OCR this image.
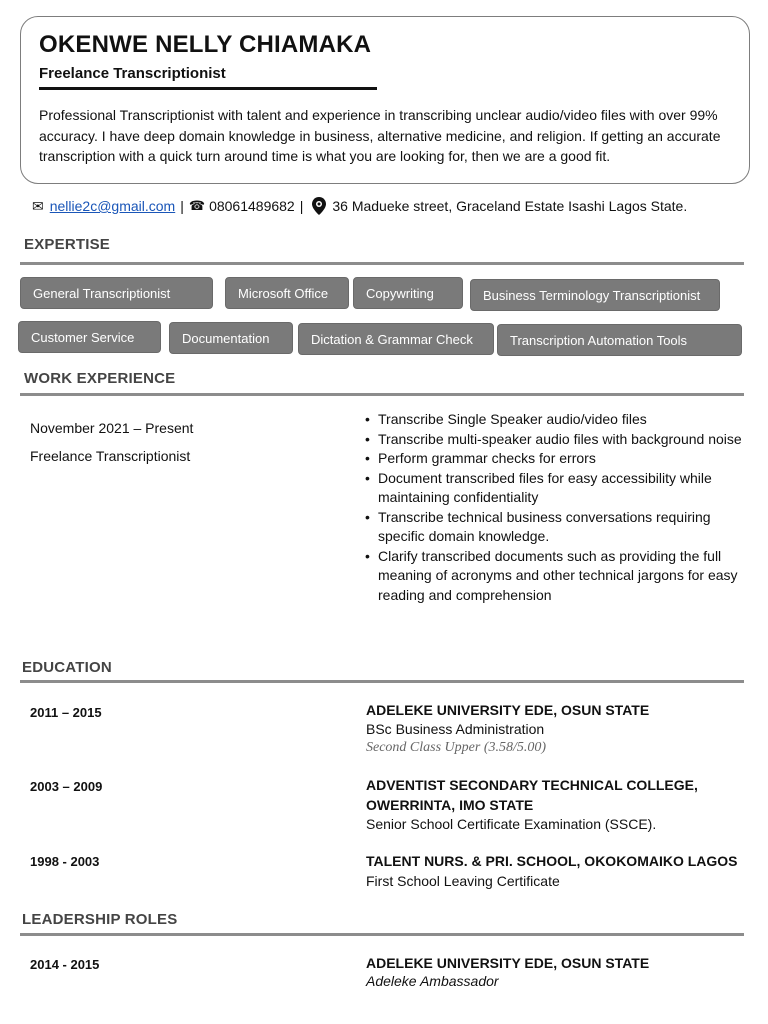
OKENWE NELLY CHIAMAKA
Freelance Transcriptionist
Professional Transcriptionist with talent and experience in transcribing unclear audio/video files with over 99% accuracy. I have deep domain knowledge in business, alternative medicine, and religion. If getting an accurate transcription with a quick turn around time is what you are looking for, then we are a good fit.
✉ nellie2c@gmail.com | ☎ 08061489682 | 36 Madueke street, Graceland Estate Isashi Lagos State.
EXPERTISE
General Transcriptionist	Microsoft Office	Copywriting	Business Terminology Transcriptionist
Customer Service	Documentation	Dictation & Grammar Check	Transcription Automation Tools
WORK EXPERIENCE
November 2021 – Present
Freelance Transcriptionist
• Transcribe Single Speaker audio/video files
• Transcribe multi-speaker audio files with background noise
• Perform grammar checks for errors
• Document transcribed files for easy accessibility while maintaining confidentiality
• Transcribe technical business conversations requiring specific domain knowledge.
• Clarify transcribed documents such as providing the full meaning of acronyms and other technical jargons for easy reading and comprehension
EDUCATION
2011 – 2015	ADELEKE UNIVERSITY EDE, OSUN STATE
BSc Business Administration
Second Class Upper (3.58/5.00)
2003 – 2009	ADVENTIST SECONDARY TECHNICAL COLLEGE, OWERRINTA, IMO STATE
Senior School Certificate Examination (SSCE).
1998 - 2003	TALENT NURS. & PRI. SCHOOL, OKOKOMAIKO LAGOS
First School Leaving Certificate
LEADERSHIP ROLES
2014 - 2015	ADELEKE UNIVERSITY EDE, OSUN STATE
Adeleke Ambassador
